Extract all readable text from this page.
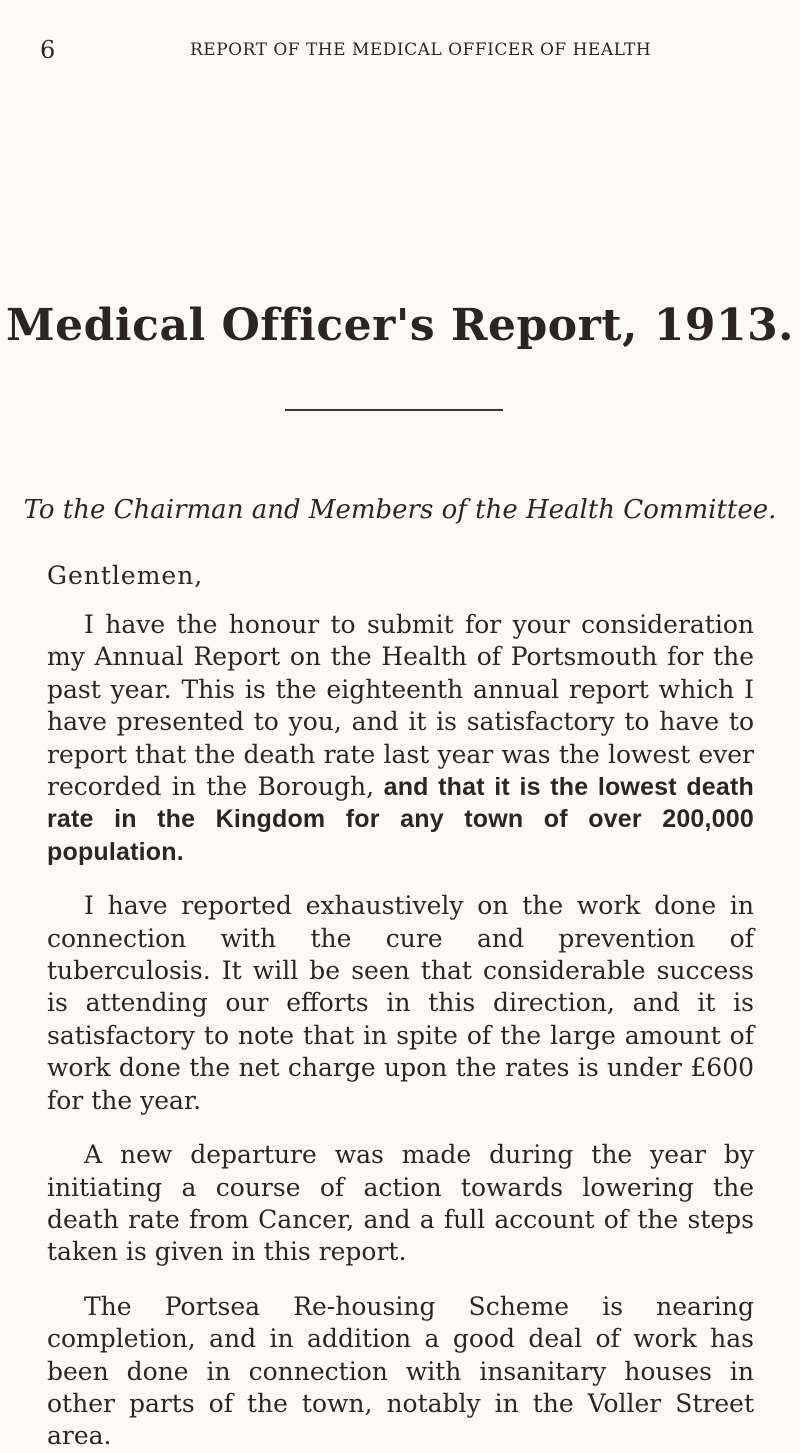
6	REPORT OF THE MEDICAL OFFICER OF HEALTH
Medical Officer's Report, 1913.
To the Chairman and Members of the Health Committee.
Gentlemen,

I have the honour to submit for your consideration my Annual Report on the Health of Portsmouth for the past year. This is the eighteenth annual report which I have presented to you, and it is satisfactory to have to report that the death rate last year was the lowest ever recorded in the Borough, and that it is the lowest death rate in the Kingdom for any town of over 200,000 population.

I have reported exhaustively on the work done in connection with the cure and prevention of tuberculosis. It will be seen that considerable success is attending our efforts in this direction, and it is satisfactory to note that in spite of the large amount of work done the net charge upon the rates is under £600 for the year.

A new departure was made during the year by initiating a course of action towards lowering the death rate from Cancer, and a full account of the steps taken is given in this report.

The Portsea Re-housing Scheme is nearing completion, and in addition a good deal of work has been done in connection with insanitary houses in other parts of the town, notably in the Voller Street area.
